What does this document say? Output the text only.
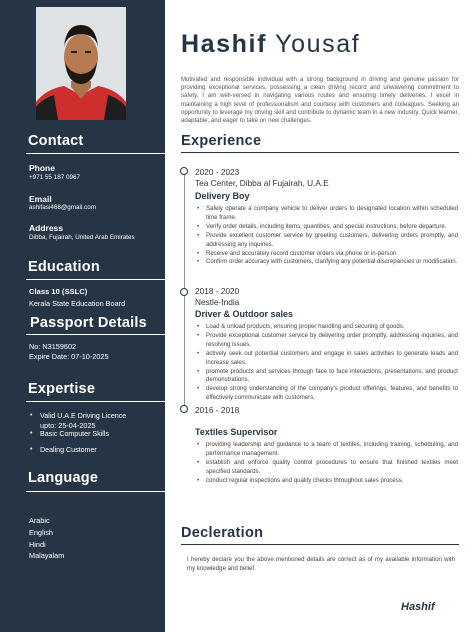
Contact
Phone
+971 55 187 0967
Email
ashifasi468@gmail.com
Address
Dibba, Fujairah, United Arab Emirates
Education
Class 10 (SSLC)
Kerala State Education Board
Passport Details
No: N3159602
Expire Date: 07-10-2025
Expertise
• Valid U.A.E Driving Licence
upto: 25-04-2025
• Basic Computer Skills
• Dealing Customer
Language
Arabic
English
Hindi
Malayalam
Hashif Yousaf
Motivated and responsible individual with a strong background in driving and genuine passion for providing exceptional services, possessing a clean driving record and unwavering commitment to safety. I am well-versed in navigating various routes and ensuring timely deliveries. I excel in maintaining a high level of professionalism and courtesy with customers and colleagues. Seeking an opportunity to leverage my driving skill and contribute to dynamic team in a new industry. Quick learner, adaptable, and eager to take on new challenges.
Experience
2020 - 2023
Tea Center, Dibba al Fujairah, U.A.E
Delivery Boy
• Safely operate a company vehicle to deliver orders to designated location within scheduled time frame.
• Verify order details, including items, quantities, and special instructions, before departure.
• Provide excellent customer service by greeting customers, delivering orders promptly, and addressing any inquiries.
• Receive and accurately record customer orders via phone or in-person.
• Confirm order accuracy with customers, clarifying any potential discrepancies or modification.
2018 - 2020
Nestle-India
Driver & Outdoor sales
• Load & unload products, ensuring proper handling and securing of goods.
• Provide exceptional customer service by delivering order promptly, addressing inquiries, and resolving issues.
• actively seek out potential customers and engage in sales activities to generate leads and increase sales.
• promote products and services through face to face interactions, presentations, and product demonstrations.
• develop strong understanding of the company's product offerings, features, and benefits to effectively communicate with customers.
2016 - 2018
Textiles Supervisor
• providing leadership and guidance to a team of textiles, including training, scheduling, and performance management.
• establish and enforce quality control procedures to ensure that finished textiles meet specified standards.
• conduct regular inspections and quality checks throughout sales process.
Decleration
I hereby declare you the above mentioned details are correct as of my available information with my knowledge and belief.
Hashif
